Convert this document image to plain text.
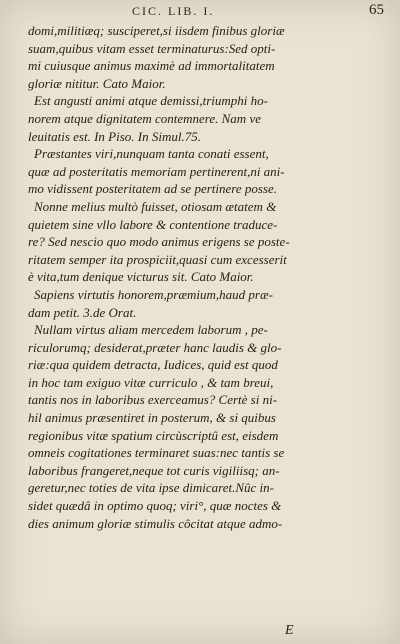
CIC. LIB. I.	65
domi,militiæq; susciperet,si iisdem finibus gloriæ
suam,quibus vitam esset terminaturus:Sed opti-
mi cuiusque animus maximè ad immortalitatem
gloriæ nititur. Cato Maior.
Est angusti animi atque demissi,triumphi ho-
norem atque dignitatem contemnere. Nam ve
leuitatis est. In Piso. In Simul.75.
Præstantes viri,nunquam tanta conati essent,
quæ ad posteritatis memoriam pertinerent,ni ani-
mo vidissent posteritatem ad se pertinere posse.
Nonne melius multò fuisset, otiosam ætatem &
quietem sine vllo labore & contentione traduce-
re? Sed nescio quo modo animus erigens se poste-
ritatem semper ita prospiciit,quasi cum excesserit
è vita,tum denique victurus sit. Cato Maior.
Sapiens virtutis honorem,præmium,haud præ-
dam petit. 3.de Orat.
Nullam virtus aliam mercedem laborum , pe-
riculorumq; desiderat,præter hanc laudis & glo-
riæ:qua quidem detracta, Iudices, quid est quod
in hoc tam exiguo vitæ curriculo , & tam breui,
tantis nos in laboribus exerceamus? Certè si ni-
hil animus præsentiret in posterum, & si quibus
regionibus vitæ spatium circùscriptû est, eisdem
omneis cogitationes terminaret suas:nec tantis se
laboribus frangeret,neque tot curis vigiliisq; an-
geretur,nec toties de vita ipse dimicaret.Nûc in-
sidet quædâ in optimo quoq; viri°, quæ noctes &
dies animum gloriæ stimulis côcitat atque admo-
E
